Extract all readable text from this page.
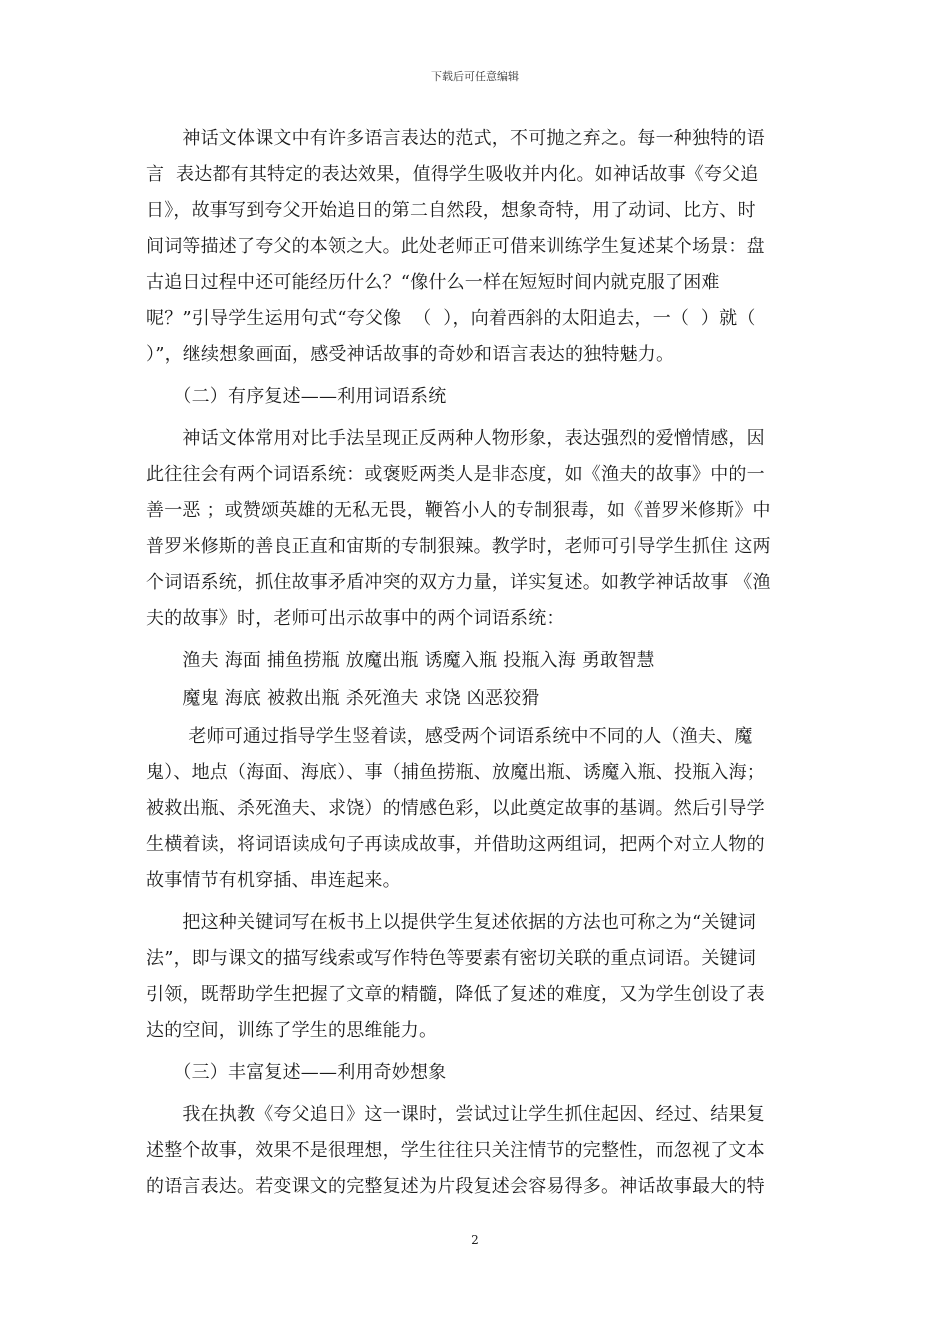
下载后可任意编辑
　　神话文体课文中有许多语言表达的范式，不可抛之弃之。每一种独特的语
言  表达都有其特定的表达效果，值得学生吸收并内化。如神话故事《夸父追
日》，故事写到夸父开始追日的第二自然段，想象奇特，用了动词、比方、时
间词等描述了夸父的本领之大。此处老师正可借来训练学生复述某个场景：盘
古追日过程中还可能经历什么？“像什么一样在短短时间内就克服了困难
呢？”引导学生运用句式“夸父像  （  ），向着西斜的太阳追去，一（  ）就（
）”，继续想象画面，感受神话故事的奇妙和语言表达的独特魅力。
　　（二）有序复述——利用词语系统
　　神话文体常用对比手法呈现正反两种人物形象，表达强烈的爱憎情感，因
此往往会有两个词语系统：或褒贬两类人是非态度，如《渔夫的故事》中的一
善一恶 ；或赞颂英雄的无私无畏，鞭笞小人的专制狠毒，如《普罗米修斯》中
普罗米修斯的善良正直和宙斯的专制狠辣。教学时，老师可引导学生抓住 这两
个词语系统，抓住故事矛盾冲突的双方力量，详实复述。如教学神话故事 《渔
夫的故事》时，老师可出示故事中的两个词语系统：
　　渔夫 海面 捕鱼捞瓶 放魔出瓶 诱魔入瓶 投瓶入海 勇敢智慧
　　魔鬼 海底 被救出瓶 杀死渔夫 求饶 凶恶狡猾
　　 老师可通过指导学生竖着读，感受两个词语系统中不同的人（渔夫、魔
鬼）、地点（海面、海底）、事（捕鱼捞瓶、放魔出瓶、诱魔入瓶、投瓶入海；
被救出瓶、杀死渔夫、求饶）的情感色彩，以此奠定故事的基调。然后引导学
生横着读，将词语读成句子再读成故事，并借助这两组词，把两个对立人物的
故事情节有机穿插、串连起来。
　　把这种关键词写在板书上以提供学生复述依据的方法也可称之为“关键词
法”，即与课文的描写线索或写作特色等要素有密切关联的重点词语。关键词
引领，既帮助学生把握了文章的精髓，降低了复述的难度，又为学生创设了表
达的空间，训练了学生的思维能力。
　　（三）丰富复述——利用奇妙想象
　　我在执教《夸父追日》这一课时，尝试过让学生抓住起因、经过、结果复
述整个故事，效果不是很理想，学生往往只关注情节的完整性，而忽视了文本
的语言表达。若变课文的完整复述为片段复述会容易得多。神话故事最大的特
2
